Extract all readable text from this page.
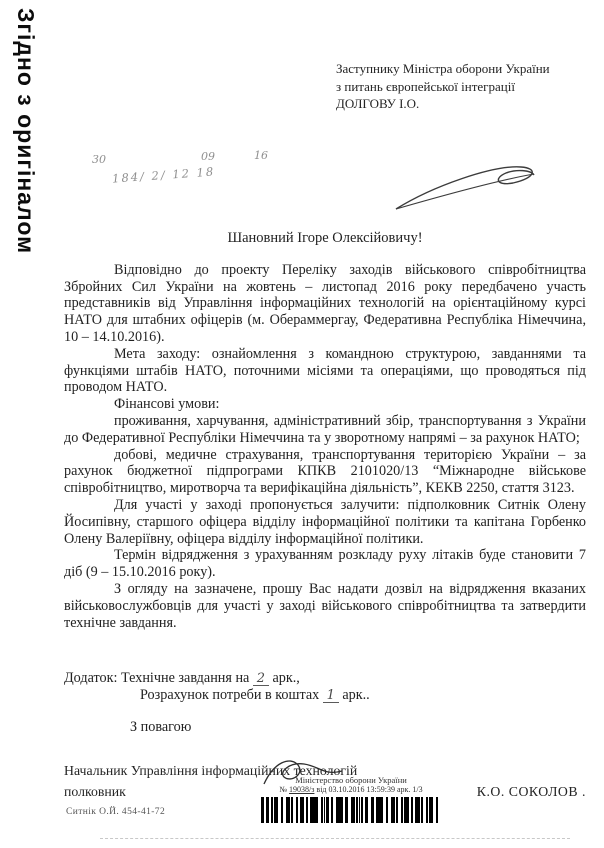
Згідно з оригіналом	Заступнику Міністра оборони України
з питань європейської інтеграції
ДОЛГОВУ І.О.
30	09	16
184/ 2/ 12 18
Шановний Ігоре Олексійовичу!

Відповідно до проекту Переліку заходів військового співробітництва Збройних Сил України на жовтень – листопад 2016 року передбачено участь представників від Управління інформаційних технологій на орієнтаційному курсі НАТО для штабних офіцерів (м. Обераммергау, Федеративна Республіка Німеччина, 10 – 14.10.2016).

Мета заходу: ознайомлення з командною структурою, завданнями та функціями штабів НАТО, поточними місіями та операціями, що проводяться під проводом НАТО.

Фінансові умови:

проживання, харчування, адміністративний збір, транспортування з України до Федеративної Республіки Німеччина та у зворотному напрямі – за рахунок НАТО;

добові, медичне страхування, транспортування територією України – за рахунок бюджетної підпрограми КПКВ 2101020/13 “Міжнародне військове співробітництво, миротворча та верифікаційна діяльність”, КЕКВ 2250, стаття 3123.

Для участі у заході пропонується залучити: підполковник Ситнік Олену Йосипівну, старшого офіцера відділу інформаційної політики та капітана Горбенко Олену Валеріївну, офіцера відділу інформаційної політики.

Термін відрядження з урахуванням розкладу руху літаків буде становити 7 діб (9 – 15.10.2016 року).

З огляду на зазначене, прошу Вас надати дозвіл на відрядження вказаних військовослужбовців для участі у заході військового співробітництва та затвердити технічне завдання.

Додаток: Технічне завдання на 2 арк.,
Розрахунок потреби в коштах 1 арк..
З повагою
Начальник Управління інформаційних технологій
полковник	К.О. СОКОЛОВ .
Міністерство оборони України
№ 19038/з від 03.10.2016 13:59:39 арк. 1/3
Ситнік О.Й. 454-41-72
